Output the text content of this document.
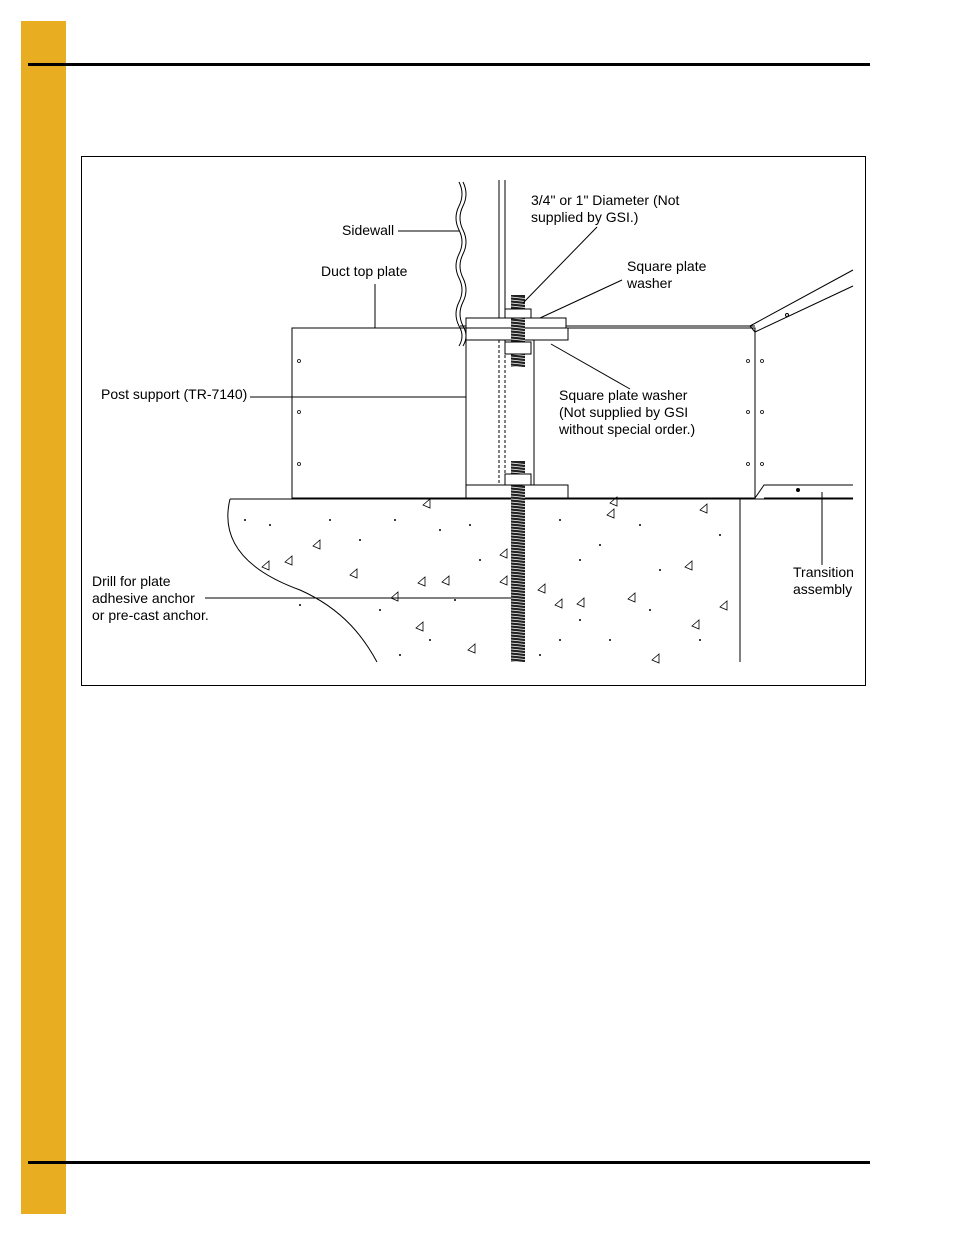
Sidewall
Duct top plate
3/4" or 1" Diameter (Not
supplied by GSI.)
Square plate
washer
Post support (TR-7140)	Square plate washer
(Not supplied by GSI
without special order.)
Drill for plate
adhesive anchor
or pre-cast anchor.
Transition
assembly
